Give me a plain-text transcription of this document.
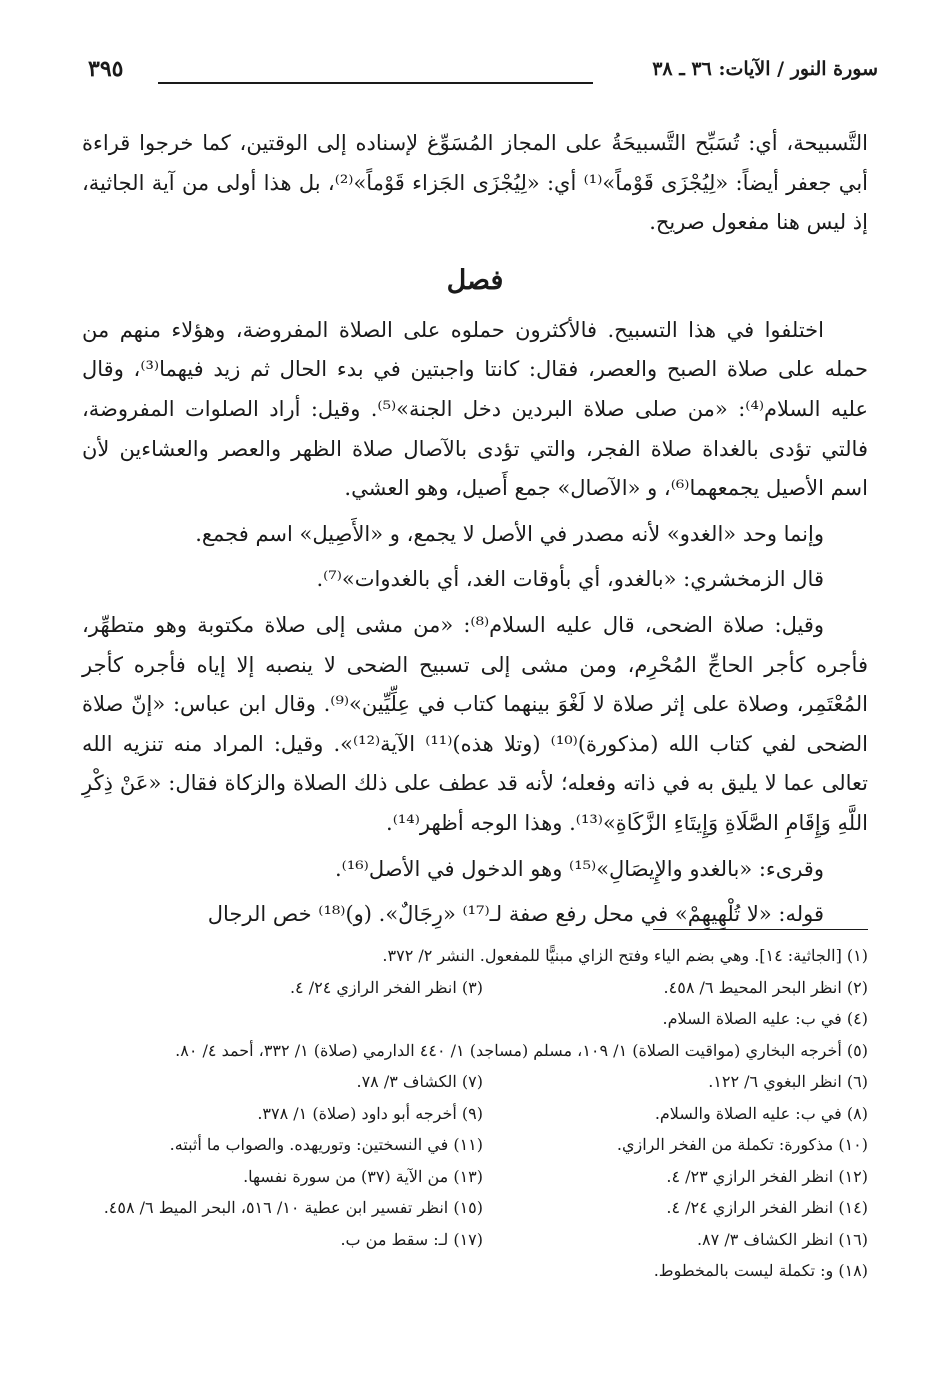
سورة النور / الآيات: ٣٦ ـ ٣٨
٣٩٥

التَّسبيحة، أي: تُسَبِّح التَّسبيحَةُ على المجاز المُسَوِّغ لإسناده إلى الوقتين، كما خرجوا قراءة أبي جعفر أيضاً: «لِيُجْزَى قَوْماً»⁽¹⁾ أي: «لِيُجْزَى الجَزاء قَوْماً»⁽²⁾، بل هذا أولى من آية الجاثية، إذ ليس هنا مفعول صريح.

فصل

اختلفوا في هذا التسبيح. فالأكثرون حملوه على الصلاة المفروضة، وهؤلاء منهم من حمله على صلاة الصبح والعصر، فقال: كانتا واجبتين في بدء الحال ثم زيد فيهما⁽³⁾، وقال عليه السلام⁽⁴⁾: «من صلى صلاة البردين دخل الجنة»⁽⁵⁾. وقيل: أراد الصلوات المفروضة، فالتي تؤدى بالغداة صلاة الفجر، والتي تؤدى بالآصال صلاة الظهر والعصر والعشاءين لأن اسم الأصيل يجمعهما⁽⁶⁾، و «الآصال» جمع أَصيل، وهو العشي.

وإنما وحد «الغدو» لأنه مصدر في الأصل لا يجمع، و «الأَصِيل» اسم فجمع.

قال الزمخشري: «بالغدو، أي بأوقات الغد، أي بالغدوات»⁽⁷⁾.

وقيل: صلاة الضحى، قال عليه السلام⁽⁸⁾: «من مشى إلى صلاة مكتوبة وهو متطهِّر، فأجره كأجر الحاجِّ المُحْرِم، ومن مشى إلى تسبيح الضحى لا ينصبه إلا إياه فأجره كأجر المُعْتَمِر، وصلاة على إثر صلاة لا لَغْوَ بينهما كتاب في عِلِّيِّين»⁽⁹⁾. وقال ابن عباس: «إنّ صلاة الضحى لفي كتاب الله (مذكورة)⁽¹⁰⁾ (وتلا هذه)⁽¹¹⁾ الآية⁽¹²⁾». وقيل: المراد منه تنزيه الله تعالى عما لا يليق به في ذاته وفعله؛ لأنه قد عطف على ذلك الصلاة والزكاة فقال: «عَنْ ذِكْرِ اللَّهِ وَإِقَامِ الصَّلَاةِ وَإِيتَاءِ الزَّكَاةِ»⁽¹³⁾. وهذا الوجه أظهر⁽¹⁴⁾.

وقرىء: «بالغدو والإِيصَالِ»⁽¹⁵⁾ وهو الدخول في الأصل⁽¹⁶⁾.

قوله: «لا تُلْهِيهِمْ» في محل رفع صفة لـ⁽¹⁷⁾ «رِجَالٌ». (و)⁽¹⁸⁾ خص الرجال

(١) [الجاثية: ١٤]. وهي بضم الياء وفتح الزاي مبنيًّا للمفعول. النشر ٢/ ٣٧٢.
(٢) انظر البحر المحيط ٦/ ٤٥٨.
(٣) انظر الفخر الرازي ٢٤/ ٤.
(٤) في ب: عليه الصلاة السلام.
(٥) أخرجه البخاري (مواقيت الصلاة) ١/ ١٠٩، مسلم (مساجد) ١/ ٤٤٠ الدارمي (صلاة) ١/ ٣٣٢، أحمد ٤/ ٨٠.
(٦) انظر البغوي ٦/ ١٢٢.
(٧) الكشاف ٣/ ٧٨.
(٨) في ب: عليه الصلاة والسلام.
(٩) أخرجه أبو داود (صلاة) ١/ ٣٧٨.
(١٠) مذكورة: تكملة من الفخر الرازي.
(١١) في النسختين: وتوريهده. والصواب ما أثبته.
(١٢) انظر الفخر الرازي ٢٣/ ٤.
(١٣) من الآية (٣٧) من سورة نفسها.
(١٤) انظر الفخر الرازي ٢٤/ ٤.
(١٥) انظر تفسير ابن عطية ١٠/ ٥١٦، البحر الميط ٦/ ٤٥٨.
(١٦) انظر الكشاف ٣/ ٨٧.
(١٧) لـ: سقط من ب.
(١٨) و: تكملة ليست بالمخطوط.
